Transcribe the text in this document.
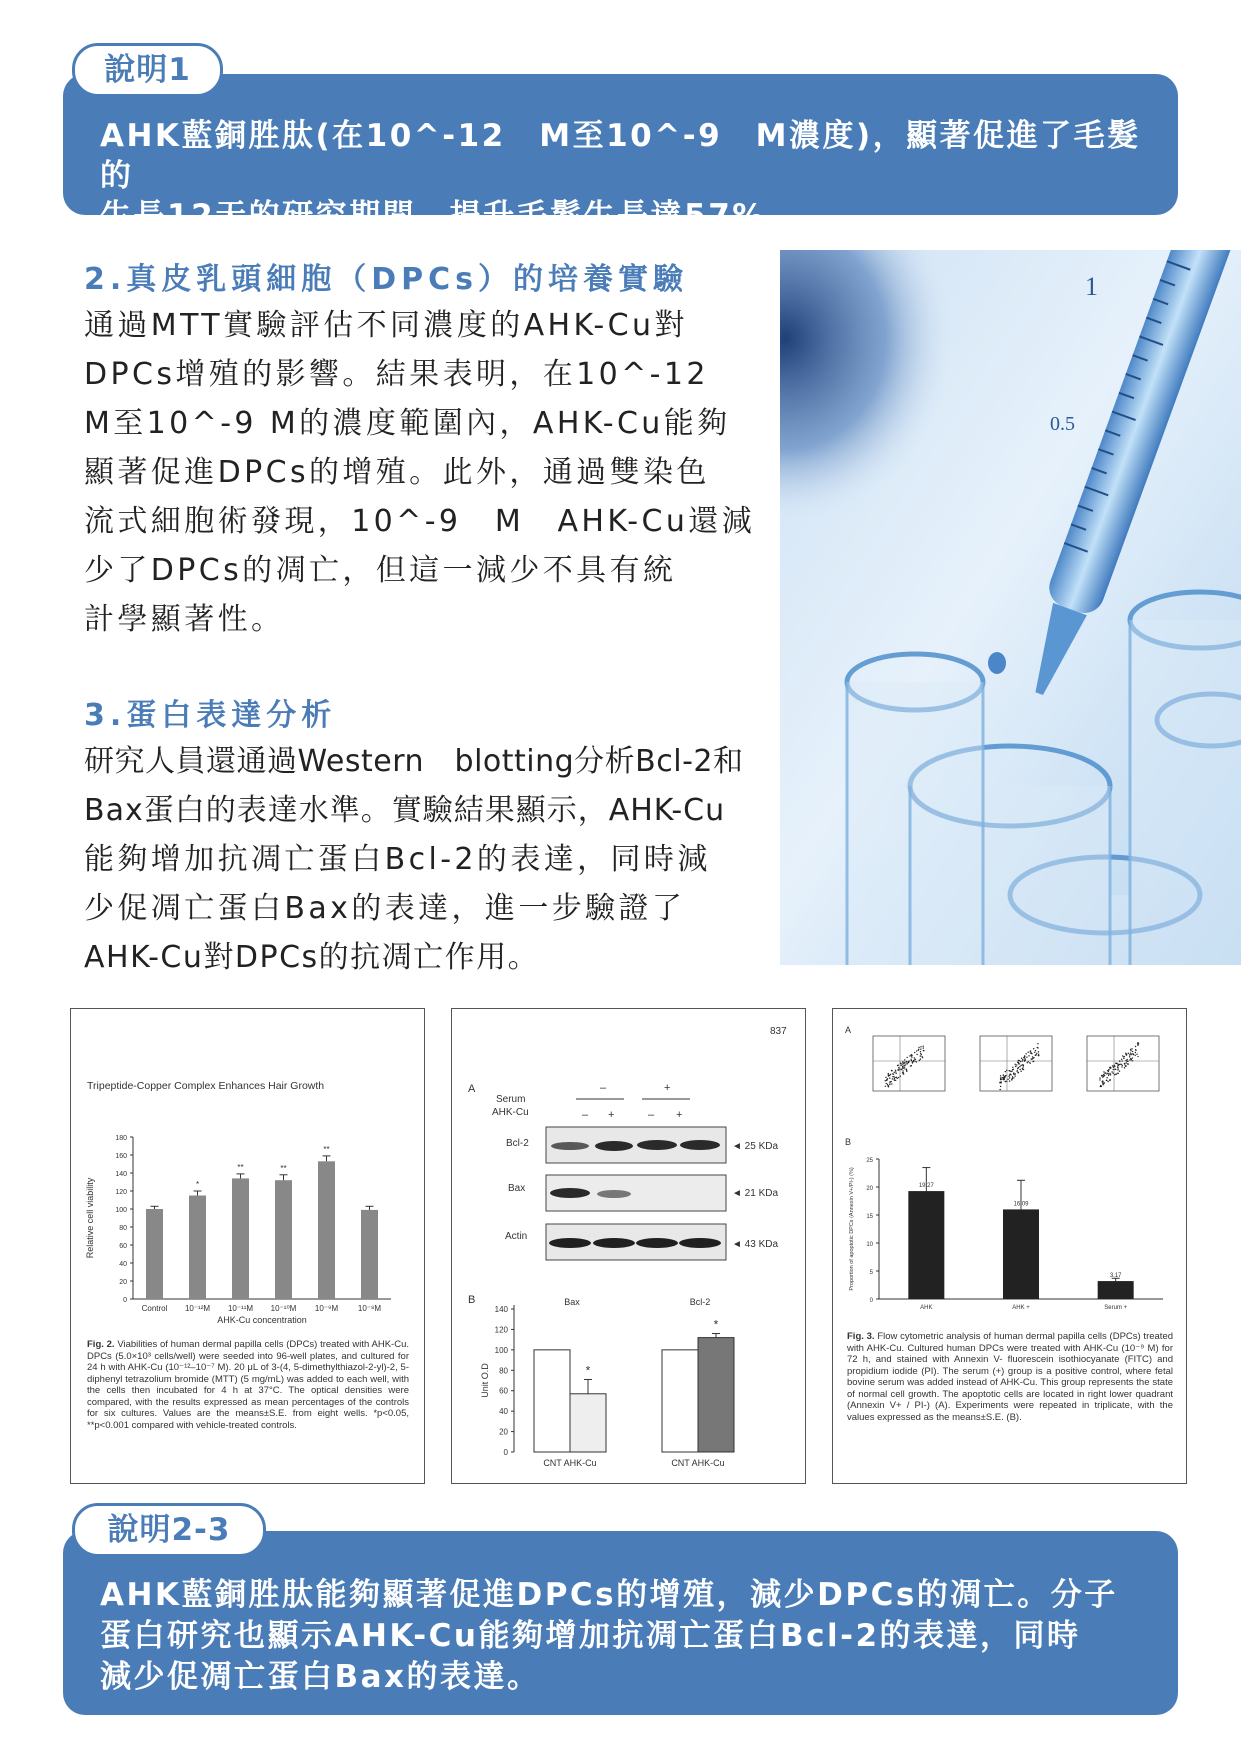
AHK藍銅胜肽(在10^-12　M至10^-9　M濃度)，顯著促進了毛髮的
生長12天的研究期間，提升毛髮生長達57%
說明1
2.真皮乳頭細胞（DPCs）的培養實驗
通過MTT實驗評估不同濃度的AHK-Cu對
DPCs增殖的影響。結果表明，在10^-12
M至10^-9 M的濃度範圍內，AHK-Cu能夠
顯著促進DPCs的增殖。此外，通過雙染色
流式細胞術發現，10^-9　M　AHK-Cu還減
少了DPCs的凋亡，但這一減少不具有統
計學顯著性。
3.蛋白表達分析
研究人員還通過Western　blotting分析Bcl-2和
Bax蛋白的表達水準。實驗結果顯示，AHK-Cu
能夠增加抗凋亡蛋白Bcl-2的表達，同時減
少促凋亡蛋白Bax的表達，進一步驗證了
AHK-Cu對DPCs的抗凋亡作用。
1
0.5
Tripeptide-Copper Complex Enhances Hair Growth
0
20
40
60
80
100
120
140
160
180
Relative cell viability
Control
*
10⁻¹²M
**
10⁻¹¹M
**
10⁻¹⁰M
**
10⁻⁹M 10⁻⁸M
AHK-Cu concentration
Fig. 2. Viabilities of human dermal papilla cells (DPCs) treated with AHK-Cu. DPCs (5.0×10³ cells/well) were seeded into 96-well plates, and cultured for 24 h with AHK-Cu (10⁻¹²–10⁻⁷ M). 20 μL of 3-(4, 5-dimethylthiazol-2-yl)-2, 5-diphenyl tetrazolium bromide (MTT) (5 mg/mL) was added to each well, with the cells then incubated for 4 h at 37°C. The optical densities were compared, with the results expressed as mean percentages of the controls for six cultures. Values are the means±S.E. from eight wells. *p<0.05, **p<0.001 compared with vehicle-treated controls.
837
A
Serum
AHK-Cu
–	+
– +	– +
Bcl-2	◄ 25 KDa
Bax	◄ 21 KDa
Actin
◄ 43 KDa
B
0
20
40
60
80
100
120
140
Unit O.D
Bax
*
CNT AHK-Cu
Bcl-2
*
CNT AHK-Cu
A
B
0
5
10
15
20
25
Proportion of apoptotic DPCs (Annexin V+/PI-) (%)	19.27
AHK
16.09
AHK +
3.17
Serum +
Fig. 3. Flow cytometric analysis of human dermal papilla cells (DPCs) treated with AHK-Cu. Cultured human DPCs were treated with AHK-Cu (10⁻⁹ M) for 72 h, and stained with Annexin V- fluorescein isothiocyanate (FITC) and propidium iodide (PI). The serum (+) group is a positive control, where fetal bovine serum was added instead of AHK-Cu. This group represents the state of normal cell growth. The apoptotic cells are located in right lower quadrant (Annexin V+ / PI-) (A). Experiments were repeated in triplicate, with the values expressed as the means±S.E. (B).
AHK藍銅胜肽能夠顯著促進DPCs的增殖，減少DPCs的凋亡。分子
蛋白研究也顯示AHK-Cu能夠增加抗凋亡蛋白Bcl-2的表達，同時
減少促凋亡蛋白Bax的表達。
說明2-3
